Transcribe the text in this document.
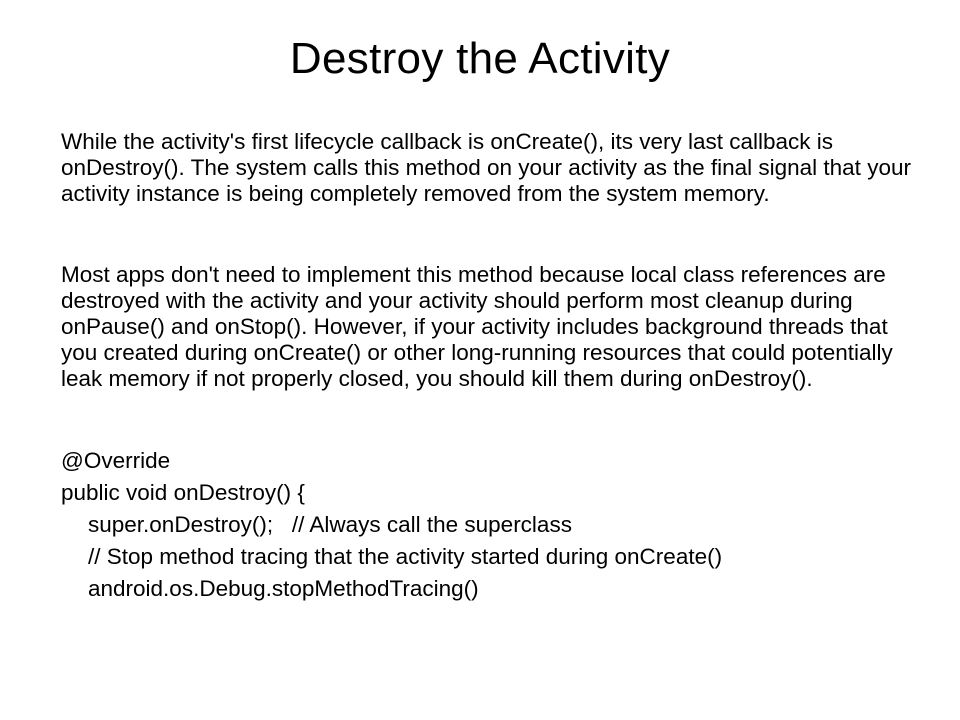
Destroy the Activity

While the activity's first lifecycle callback is onCreate(), its very last callback is onDestroy(). The system calls this method on your activity as the final signal that your activity instance is being completely removed from the system memory.

Most apps don't need to implement this method because local class references are destroyed with the activity and your activity should perform most cleanup during onPause() and onStop(). However, if your activity includes background threads that you created during onCreate() or other long-running resources that could potentially leak memory if not properly closed, you should kill them during onDestroy().

@Override
public void onDestroy() {
super.onDestroy();   // Always call the superclass
// Stop method tracing that the activity started during onCreate()
android.os.Debug.stopMethodTracing()
